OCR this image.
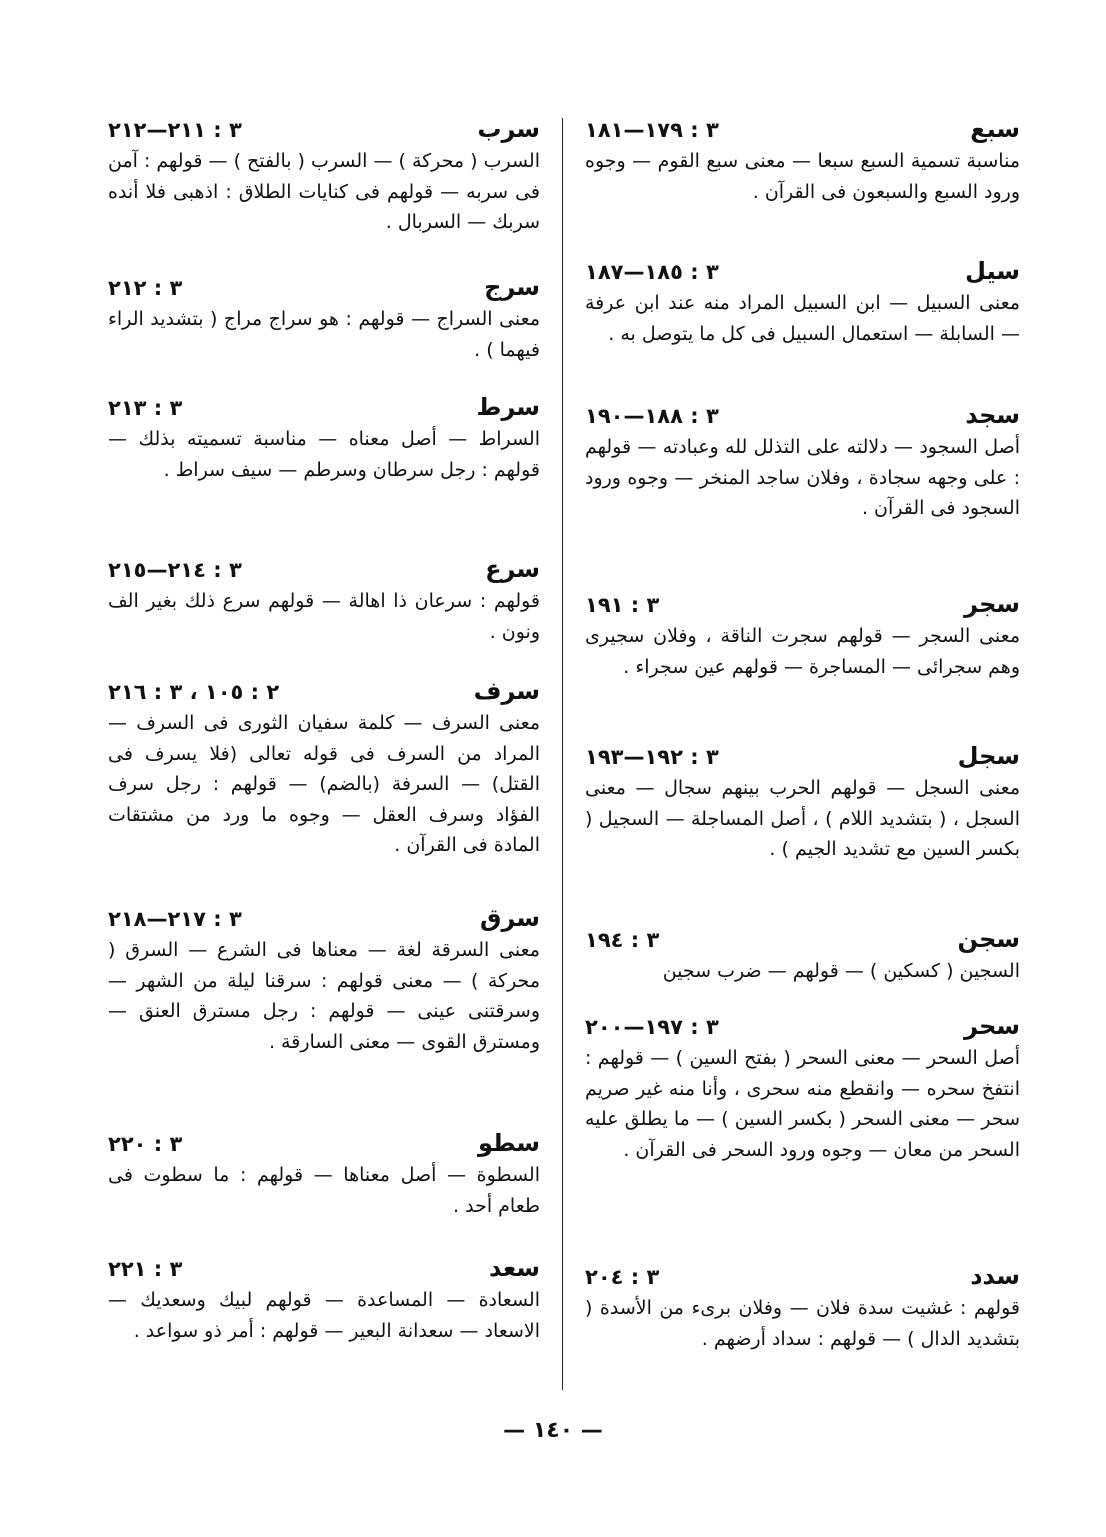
سبع
٣ : ١٧٩—١٨١
مناسبة تسمية السبع سبعا — معنى سبع القوم — وجوه ورود السبع والسبعون فى القرآن .
سيل
٣ : ١٨٥—١٨٧
معنى السبيل — ابن السبيل المراد منه عند ابن عرفة — السابلة — استعمال السبيل فى كل ما يتوصل به .
سجد
٣ : ١٨٨—١٩٠
أصل السجود — دلالته على التذلل لله وعبادته — قولهم : على وجهه سجادة ، وفلان ساجد المنخر — وجوه ورود السجود فى القرآن .
سجر
٣ : ١٩١
معنى السجر — قولهم سجرت الناقة ، وفلان سجيرى وهم سجرائى — المساجرة — قولهم عين سجراء .
سجل
٣ : ١٩٢—١٩٣
معنى السجل — قولهم الحرب بينهم سجال — معنى السجل ، ( بتشديد اللام ) ، أصل المساجلة — السجيل ( بكسر السين مع تشديد الجيم ) .
سجن
٣ : ١٩٤
السجين ( كسكين ) — قولهم — ضرب سجين
سحر
٣ : ١٩٧—٢٠٠
أصل السحر — معنى السحر ( بفتح السين ) — قولهم : انتفخ سحره — وانقطع منه سحرى ، وأنا منه غير صريم سحر — معنى السحر ( بكسر السين ) — ما يطلق عليه السحر من معان — وجوه ورود السحر فى القرآن .
سدد
٣ : ٢٠٤
قولهم : غشيت سدة فلان — وفلان برىء من الأسدة ( بتشديد الدال ) — قولهم : سداد أرضهم .
سرب
٣ : ٢١١—٢١٢
السرب ( محركة ) — السرب ( بالفتح ) — قولهم : آمن فى سربه — قولهم فى كنايات الطلاق : اذهبى فلا أنده سربك — السربال .
سرج
٣ : ٢١٢
معنى السراج — قولهم : هو سراج مراج ( بتشديد الراء فيهما ) .
سرط
٣ : ٢١٣
السراط — أصل معناه — مناسبة تسميته بذلك — قولهم : رجل سرطان وسرطم — سيف سراط .
سرع
٣ : ٢١٤—٢١٥
قولهم : سرعان ذا اهالة — قولهم سرع ذلك بغير الف ونون .
سرف
٢ : ١٠٥ ، ٣ : ٢١٦
معنى السرف — كلمة سفيان الثورى فى السرف — المراد من السرف فى قوله تعالى (فلا يسرف فى القتل) — السرفة (بالضم) — قولهم : رجل سرف الفؤاد وسرف العقل — وجوه ما ورد من مشتقات المادة فى القرآن .
سرق
٣ : ٢١٧—٢١٨
معنى السرقة لغة — معناها فى الشرع — السرق ( محركة ) — معنى قولهم : سرقنا ليلة من الشهر — وسرقتنى عينى — قولهم : رجل مسترق العنق — ومسترق القوى — معنى السارقة .
سطو
٣ : ٢٢٠
السطوة — أصل معناها — قولهم : ما سطوت فى طعام أحد .
سعد
٣ : ٢٢١
السعادة — المساعدة — قولهم لبيك وسعديك — الاسعاد — سعدانة البعير — قولهم : أمر ذو سواعد .
— ١٤٠ —
